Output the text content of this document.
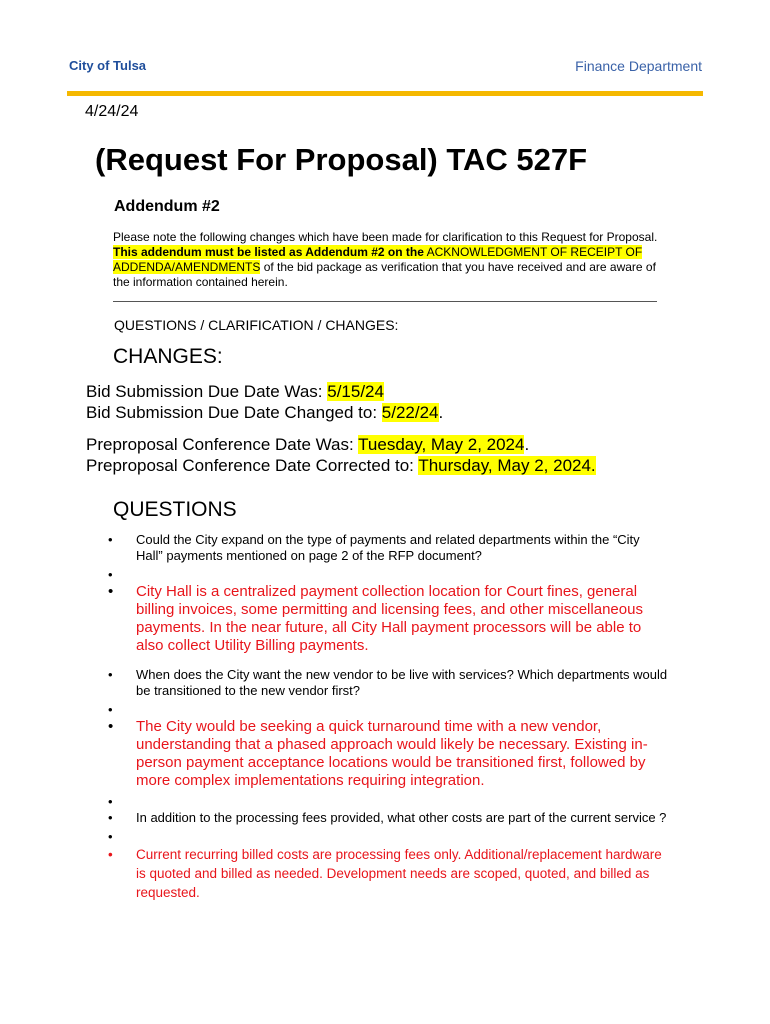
City of Tulsa	Finance Department
4/24/24
(Request For Proposal) TAC 527F
Addendum #2
Please note the following changes which have been made for clarification to this Request for Proposal. This addendum must be listed as Addendum #2 on the ACKNOWLEDGMENT OF RECEIPT OF ADDENDA/AMENDMENTS of the bid package as verification that you have received and are aware of the information contained herein.
QUESTIONS / CLARIFICATION / CHANGES:
CHANGES:
Bid Submission Due Date Was: 5/15/24
Bid Submission Due Date Changed to: 5/22/24.
Preproposal Conference Date Was: Tuesday, May 2, 2024.
Preproposal Conference Date Corrected to: Thursday, May 2, 2024.
QUESTIONS
• Could the City expand on the type of payments and related departments within the “City Hall” payments mentioned on page 2 of the RFP document?
•
• City Hall is a centralized payment collection location for Court fines, general billing invoices, some permitting and licensing fees, and other miscellaneous payments. In the near future, all City Hall payment processors will be able to also collect Utility Billing payments.
• When does the City want the new vendor to be live with services? Which departments would be transitioned to the new vendor first?
•
• The City would be seeking a quick turnaround time with a new vendor, understanding that a phased approach would likely be necessary. Existing in-person payment acceptance locations would be transitioned first, followed by more complex implementations requiring integration.
•
• In addition to the processing fees provided, what other costs are part of the current service ?
•
• Current recurring billed costs are processing fees only. Additional/replacement hardware is quoted and billed as needed. Development needs are scoped, quoted, and billed as requested.
